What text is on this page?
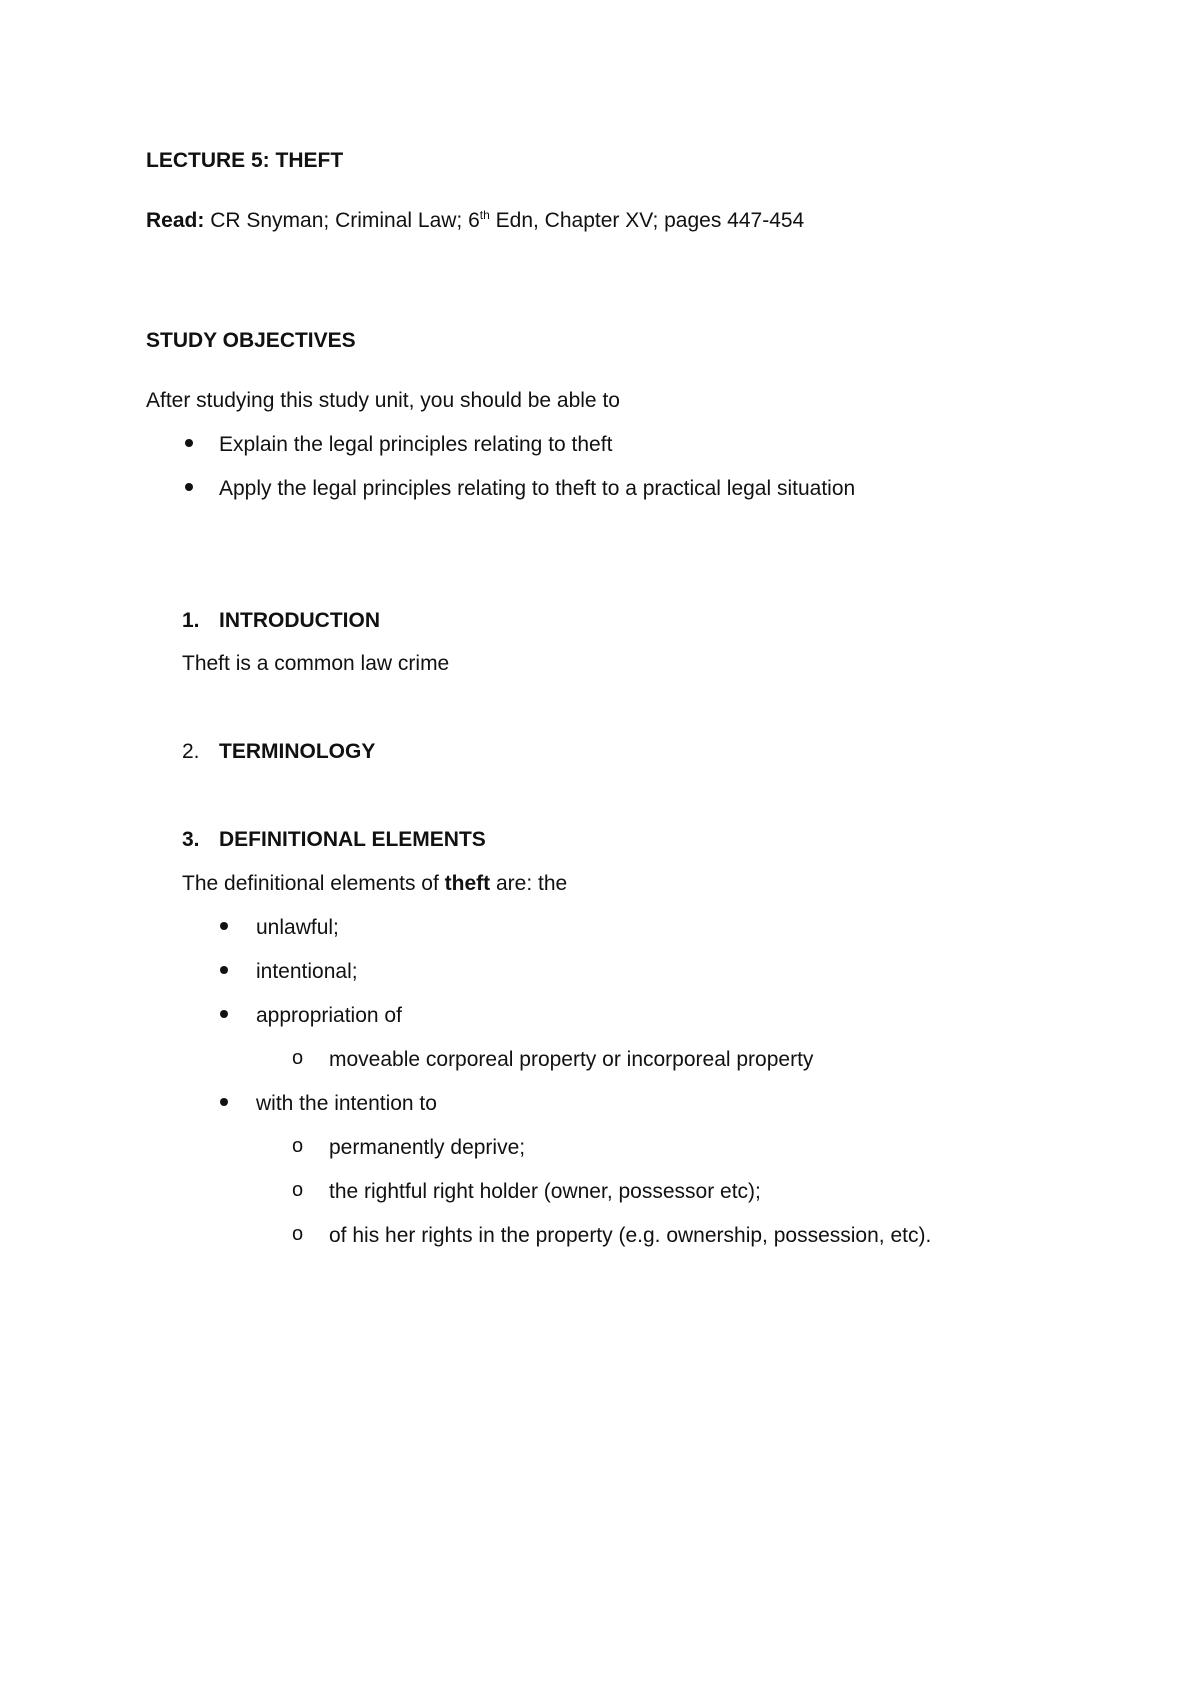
LECTURE 5: THEFT
Read: CR Snyman; Criminal Law; 6th Edn, Chapter XV; pages 447-454
STUDY OBJECTIVES
After studying this study unit, you should be able to
Explain the legal principles relating to theft
Apply the legal principles relating to theft to a practical legal situation
1. INTRODUCTION
Theft is a common law crime
2. TERMINOLOGY
3. DEFINITIONAL ELEMENTS
The definitional elements of theft are: the
unlawful;
intentional;
appropriation of
o moveable corporeal property or incorporeal property
with the intention to
o permanently deprive;
o the rightful right holder (owner, possessor etc);
o of his her rights in the property (e.g. ownership, possession, etc).
